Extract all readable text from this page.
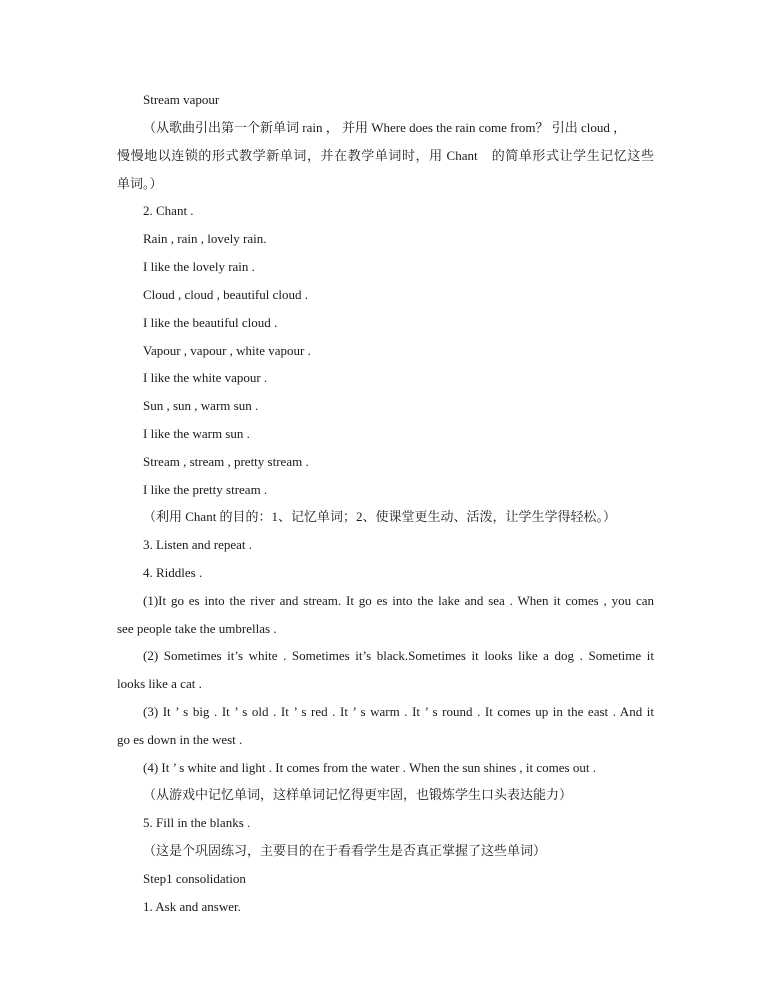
Stream vapour
（从歌曲引出第一个新单词 rain ， 并用 Where does the rain come from？ 引出 cloud ，
慢慢地以连锁的形式教学新单词，并在教学单词时，用 Chant　的简单形式让学生记忆这些
单词。）
2. Chant .
Rain , rain , lovely rain.
I like the lovely rain .
Cloud , cloud , beautiful cloud .
I like the beautiful cloud .
Vapour , vapour , white vapour .
I like the white vapour .
Sun , sun , warm sun .
I like the warm sun .
Stream , stream , pretty stream .
I like the pretty stream .
（利用 Chant 的目的：1、记忆单词；2、使课堂更生动、活泼，让学生学得轻松。）
3. Listen and repeat .
4. Riddles .
(1)It go es into the river and stream. It go es into the lake and sea . When it comes , you can
see people take the umbrellas .
(2) Sometimes it’s white . Sometimes it’s black.Sometimes it looks like a dog . Sometime it
looks like a cat .
(3) It ’ s big . It ’ s old . It ’ s red . It ’ s warm . It ’ s round . It comes up in the east . And it
go es down in the west .
(4) It ’ s white and light . It comes from the water . When the sun shines , it comes out .
（从游戏中记忆单词，这样单词记忆得更牢固，也锻炼学生口头表达能力）
5. Fill in the blanks .
（这是个巩固练习，主要目的在于看看学生是否真正掌握了这些单词）
Step1 consolidation
1. Ask and answer.
